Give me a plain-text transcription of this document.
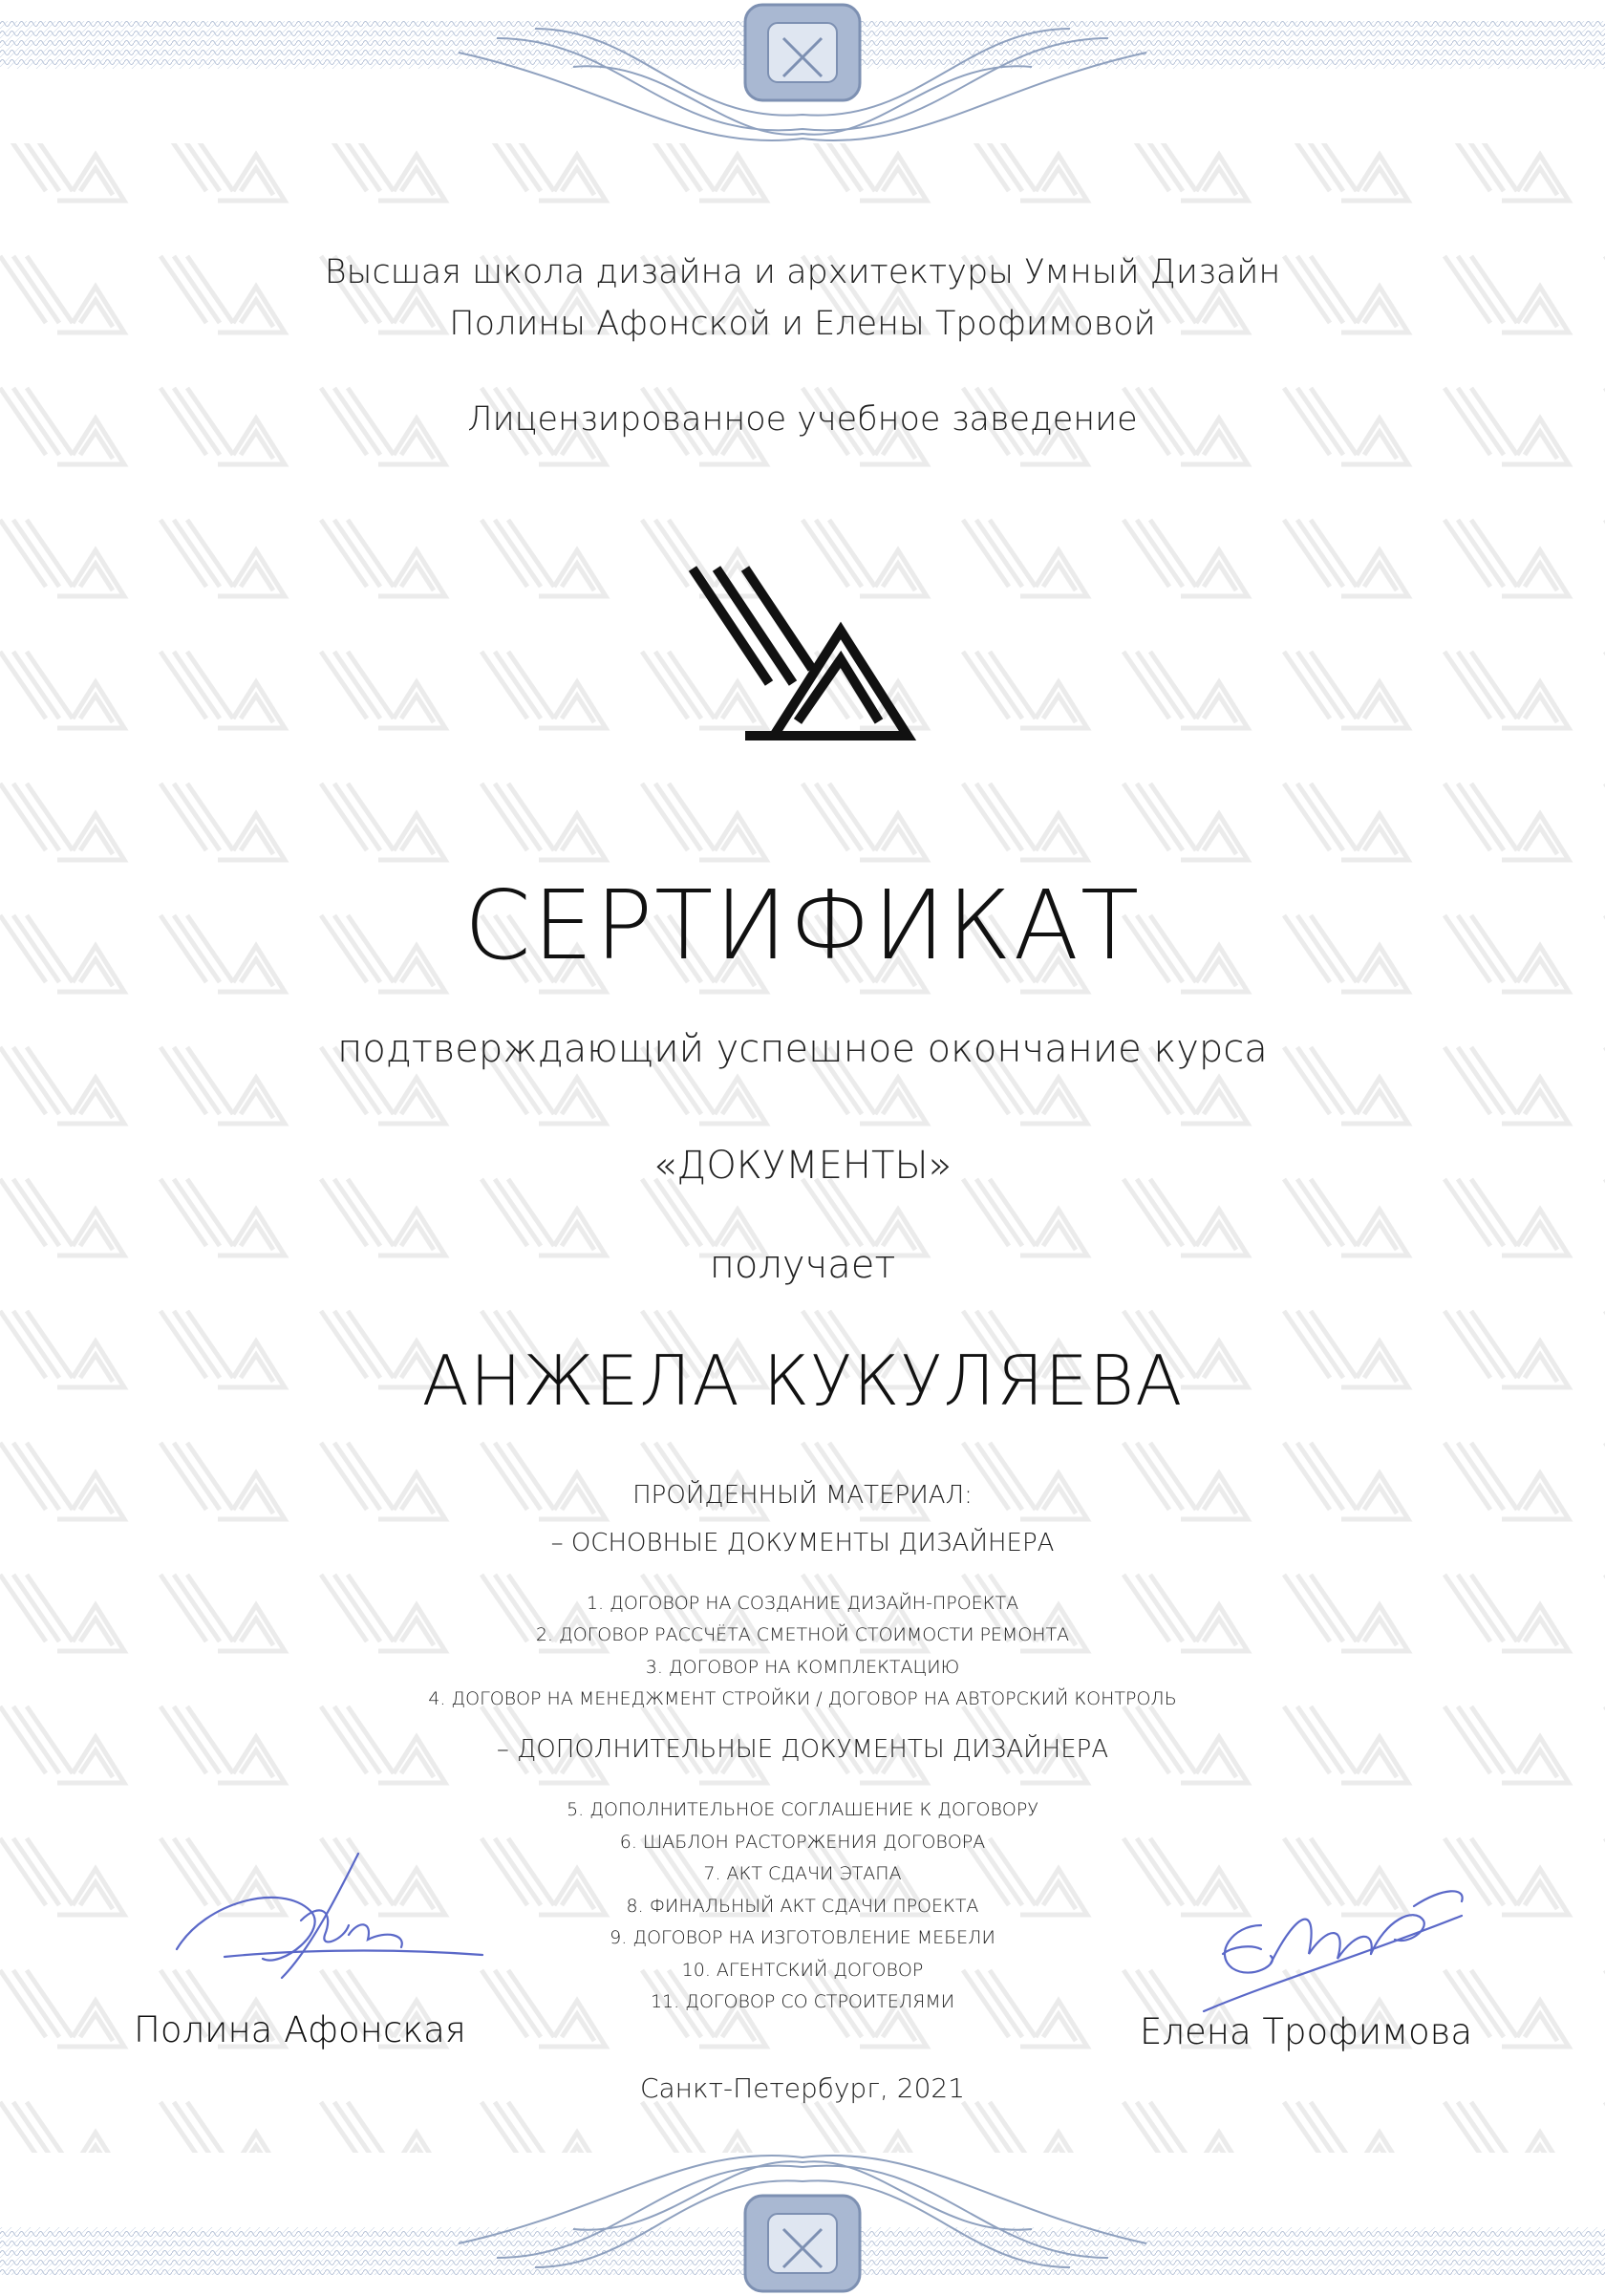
Высшая школа дизайна и архитектуры Умный Дизайн
Полины Афонской и Елены Трофимовой
Лицензированное учебное заведение
СЕРТИФИКАТ
подтверждающий успешное окончание курса
«ДОКУМЕНТЫ»
получает
АНЖЕЛА КУКУЛЯЕВА
ПРОЙДЕННЫЙ МАТЕРИАЛ:
– ОСНОВНЫЕ ДОКУМЕНТЫ ДИЗАЙНЕРА
1. ДОГОВОР НА СОЗДАНИЕ ДИЗАЙН-ПРОЕКТА
2. ДОГОВОР РАССЧЁТА СМЕТНОЙ СТОИМОСТИ РЕМОНТА
3. ДОГОВОР НА КОМПЛЕКТАЦИЮ
4. ДОГОВОР НА МЕНЕДЖМЕНТ СТРОЙКИ / ДОГОВОР НА АВТОРСКИЙ КОНТРОЛЬ
– ДОПОЛНИТЕЛЬНЫЕ ДОКУМЕНТЫ ДИЗАЙНЕРА
5. ДОПОЛНИТЕЛЬНОЕ СОГЛАШЕНИЕ К ДОГОВОРУ
6. ШАБЛОН РАСТОРЖЕНИЯ ДОГОВОРА
7. АКТ СДАЧИ ЭТАПА
8. ФИНАЛЬНЫЙ АКТ СДАЧИ ПРОЕКТА
9. ДОГОВОР НА ИЗГОТОВЛЕНИЕ МЕБЕЛИ
10. АГЕНТСКИЙ ДОГОВОР
11. ДОГОВОР СО СТРОИТЕЛЯМИ
Полина Афонская	Елена Трофимова
Санкт-Петербург, 2021
